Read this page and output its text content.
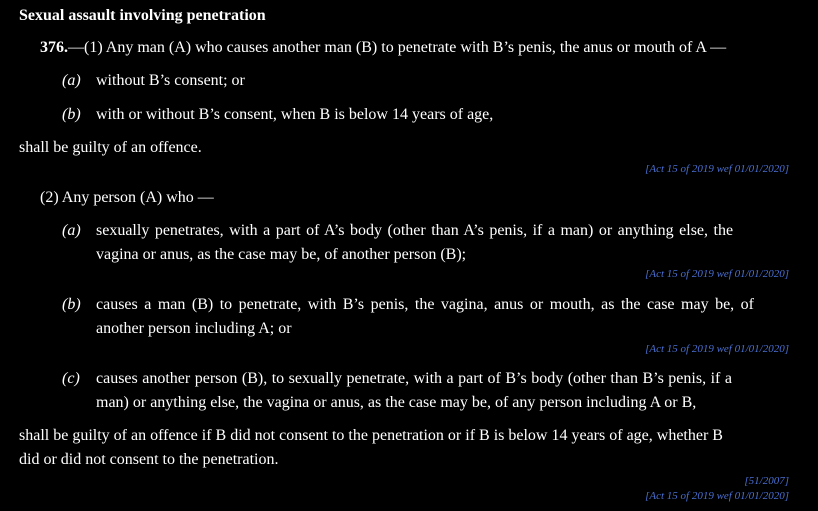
Sexual assault involving penetration
376.—(1) Any man (A) who causes another man (B) to penetrate with B’s penis, the anus or mouth of A —
(a) without B’s consent; or
(b) with or without B’s consent, when B is below 14 years of age,
shall be guilty of an offence.
[Act 15 of 2019 wef 01/01/2020]
(2) Any person (A) who —
(a) sexually penetrates, with a part of A’s body (other than A’s penis, if a man) or anything else, the
vagina or anus, as the case may be, of another person (B);
[Act 15 of 2019 wef 01/01/2020]
(b) causes a man (B) to penetrate, with B’s penis, the vagina, anus or mouth, as the case may be, of
another person including A; or
[Act 15 of 2019 wef 01/01/2020]
(c) causes another person (B), to sexually penetrate, with a part of B’s body (other than B’s penis, if a
man) or anything else, the vagina or anus, as the case may be, of any person including A or B,
shall be guilty of an offence if B did not consent to the penetration or if B is below 14 years of age, whether B
did or did not consent to the penetration.
[51/2007]
[Act 15 of 2019 wef 01/01/2020]
